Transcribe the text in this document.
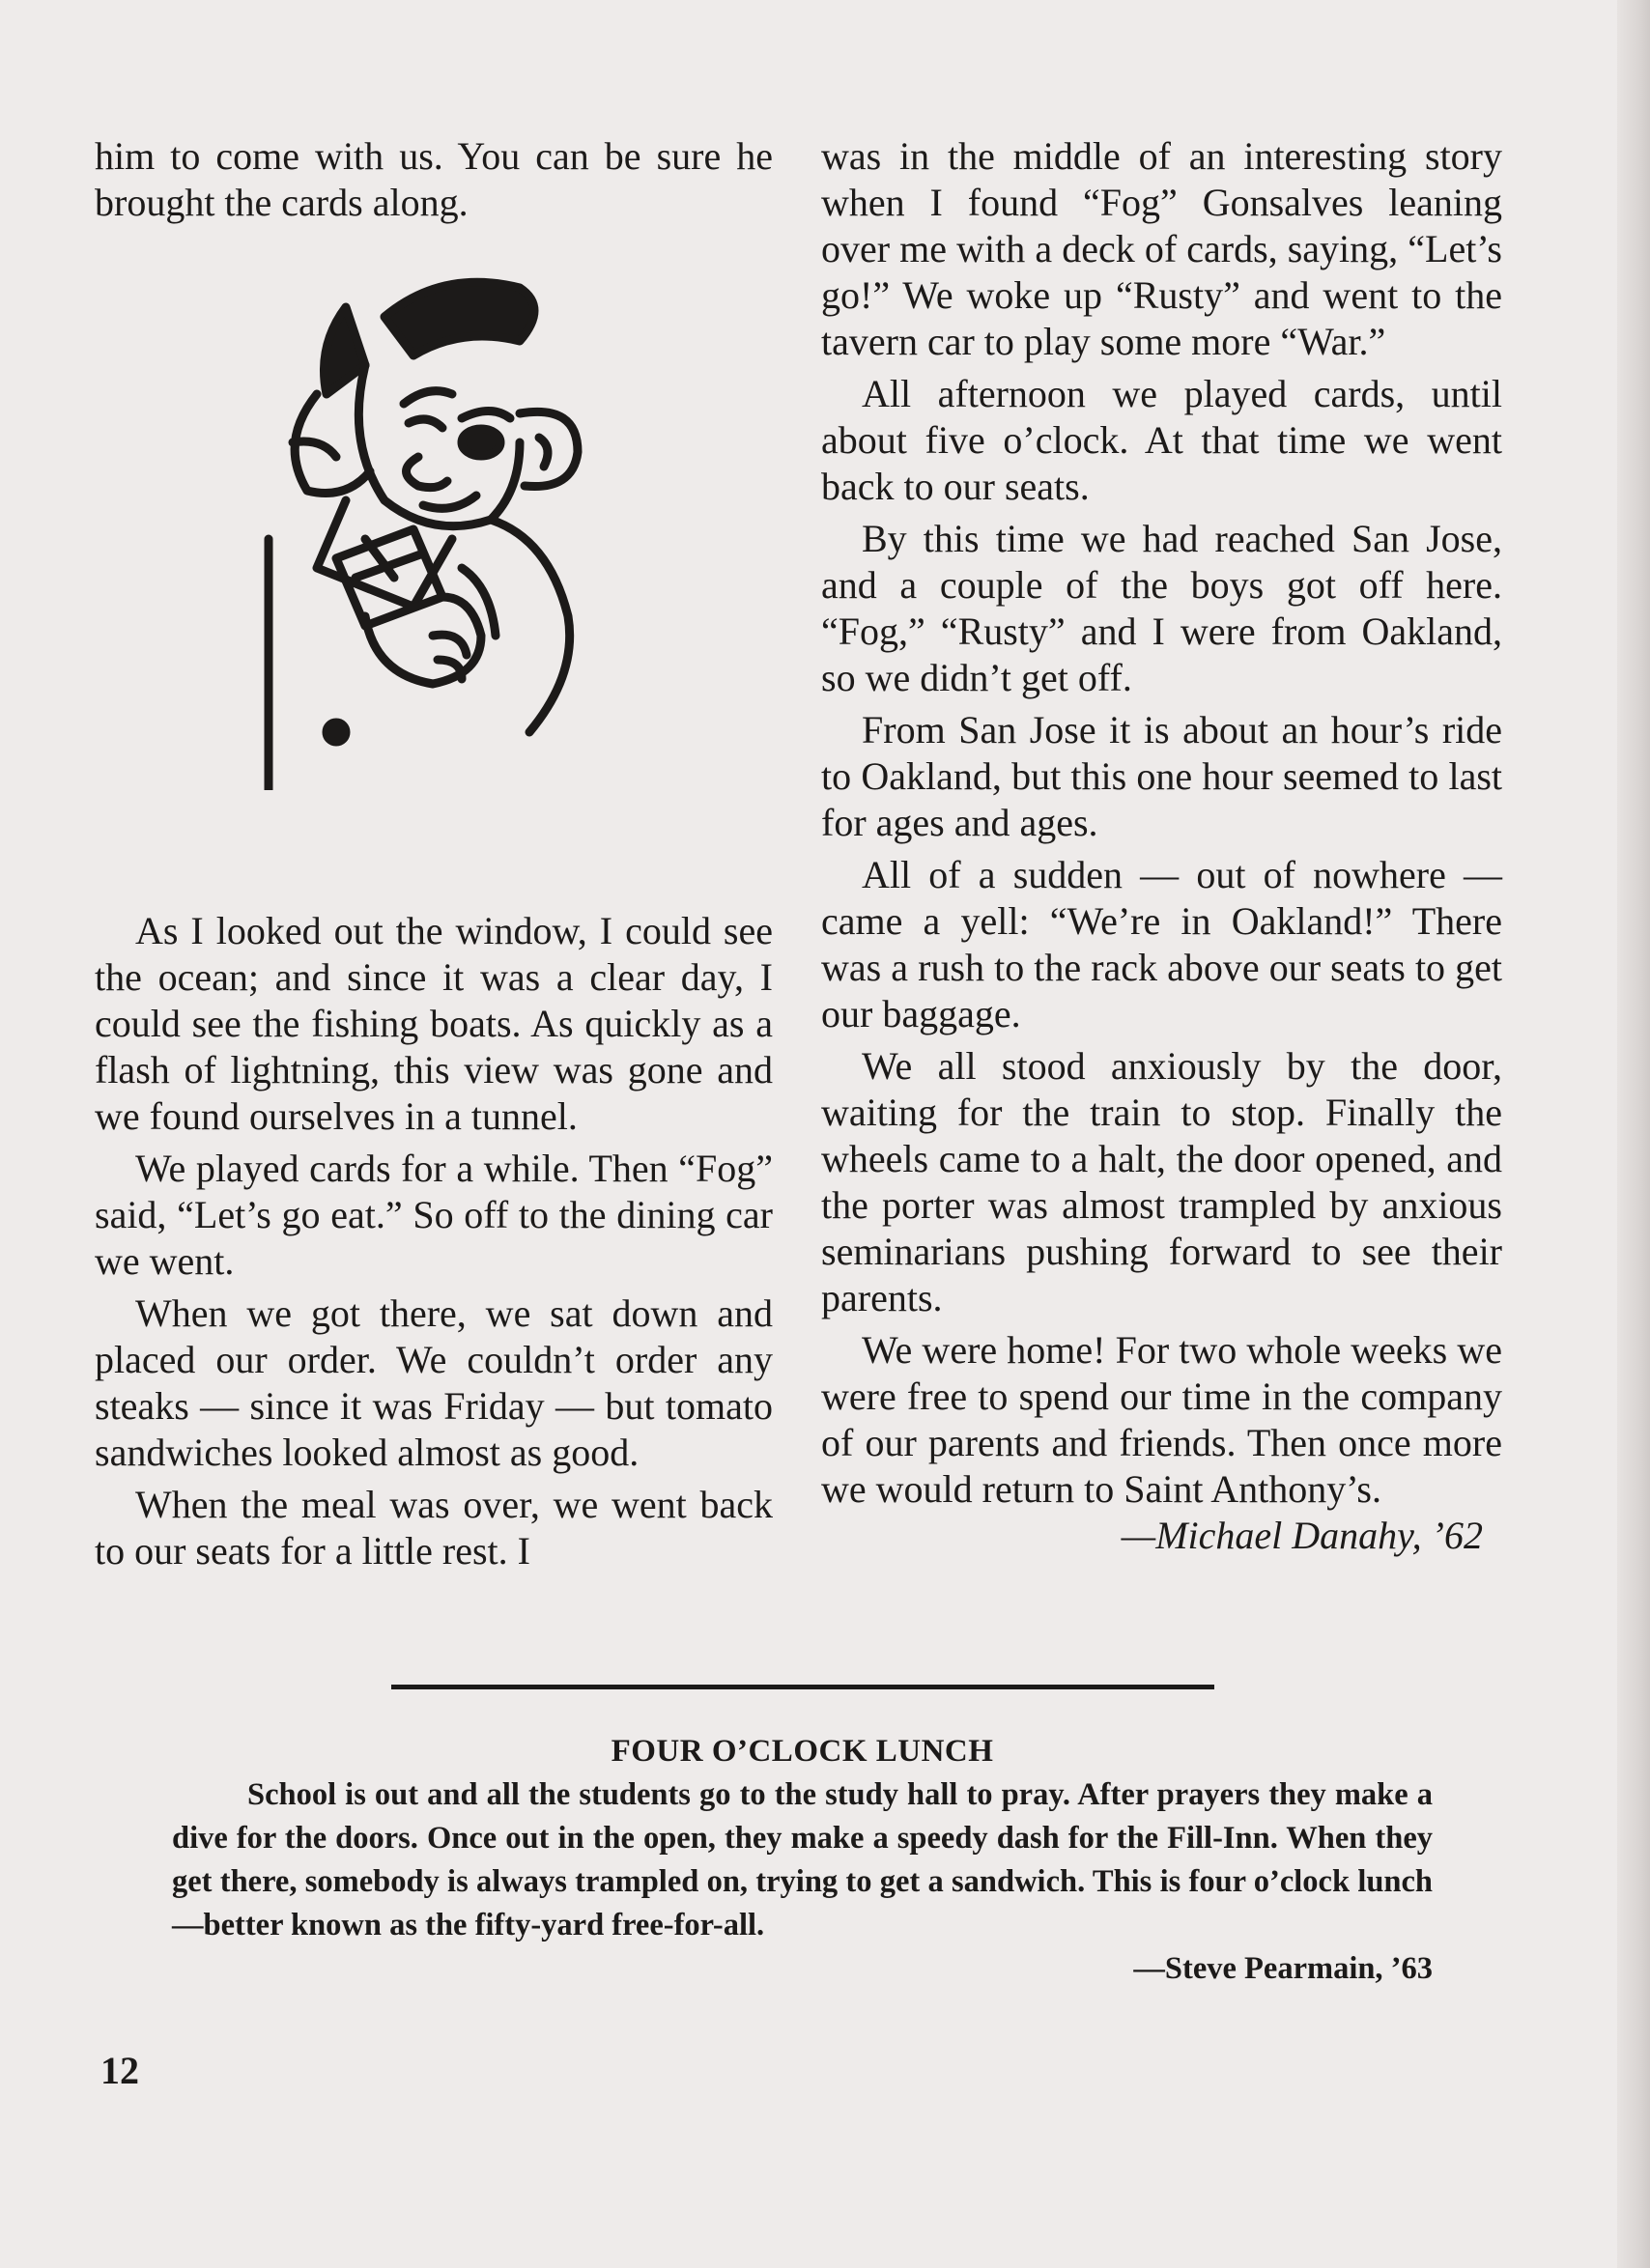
him to come with us. You can be sure he brought the cards along.

As I looked out the window, I could see the ocean; and since it was a clear day, I could see the fishing boats. As quickly as a flash of lightning, this view was gone and we found ourselves in a tunnel.

We played cards for a while. Then “Fog” said, “Let’s go eat.” So off to the dining car we went.

When we got there, we sat down and placed our order. We couldn’t order any steaks — since it was Friday — but tomato sandwiches looked almost as good.

When the meal was over, we went back to our seats for a little rest. I

was in the middle of an interesting story when I found “Fog” Gonsalves leaning over me with a deck of cards, saying, “Let’s go!” We woke up “Rusty” and went to the tavern car to play some more “War.”

All afternoon we played cards, until about five o’clock. At that time we went back to our seats.

By this time we had reached San Jose, and a couple of the boys got off here. “Fog,” “Rusty” and I were from Oakland, so we didn’t get off.

From San Jose it is about an hour’s ride to Oakland, but this one hour seemed to last for ages and ages.

All of a sudden — out of nowhere — came a yell: “We’re in Oakland!” There was a rush to the rack above our seats to get our baggage.

We all stood anxiously by the door, waiting for the train to stop. Finally the wheels came to a halt, the door opened, and the porter was almost trampled by anxious seminarians pushing forward to see their parents.

We were home! For two whole weeks we were free to spend our time in the company of our parents and friends. Then once more we would return to Saint Anthony’s.

—Michael Danahy, ’62

FOUR O’CLOCK LUNCH

School is out and all the students go to the study hall to pray. After prayers they make a dive for the doors. Once out in the open, they make a speedy dash for the Fill-Inn. When they get there, somebody is always trampled on, trying to get a sandwich. This is four o’clock lunch—better known as the fifty-yard free-for-all.

—Steve Pearmain, ’63

12
